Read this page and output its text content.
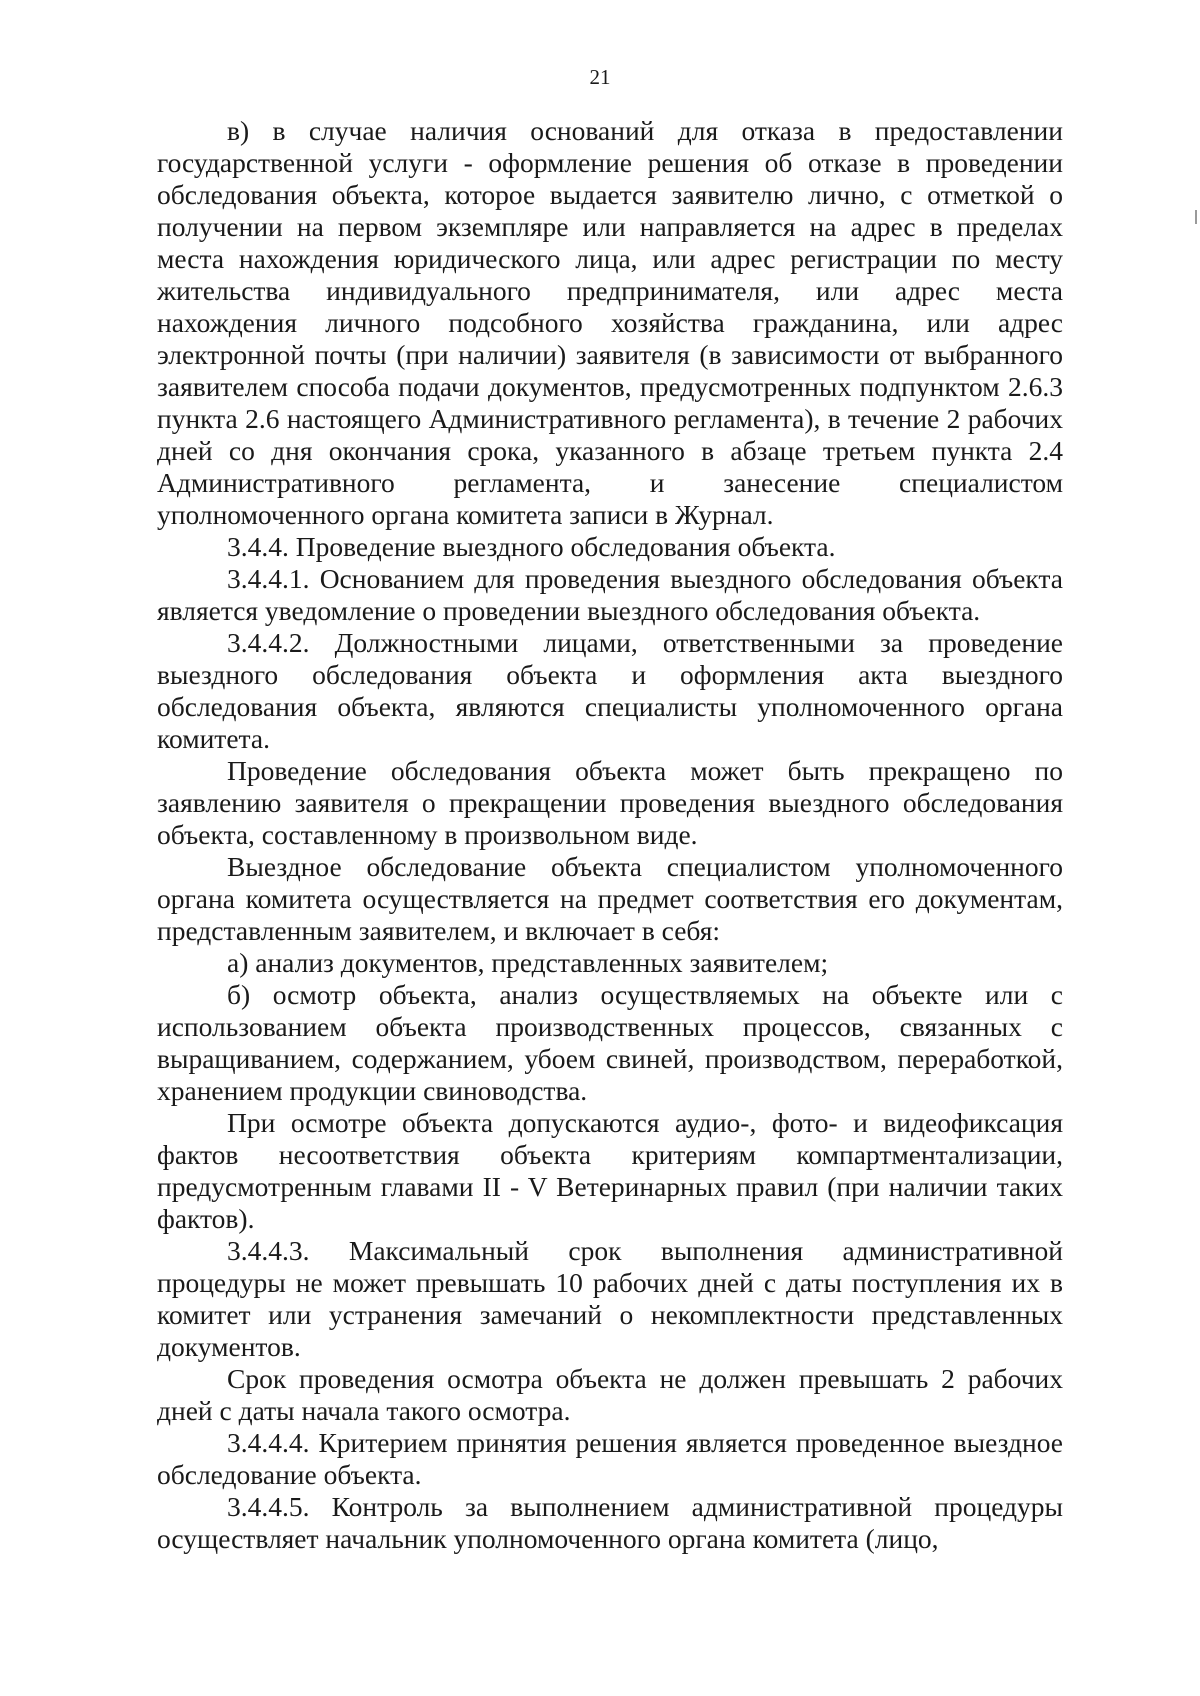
21

в) в случае наличия оснований для отказа в предоставлении государственной услуги - оформление решения об отказе в проведении обследования объекта, которое выдается заявителю лично, с отметкой о получении на первом экземпляре или направляется на адрес в пределах места нахождения юридического лица, или адрес регистрации по месту жительства индивидуального предпринимателя, или адрес места нахождения личного подсобного хозяйства гражданина, или адрес электронной почты (при наличии) заявителя (в зависимости от выбранного заявителем способа подачи документов, предусмотренных подпунктом 2.6.3 пункта 2.6 настоящего Административного регламента), в течение 2 рабочих дней со дня окончания срока, указанного в абзаце третьем пункта 2.4 Административного регламента, и занесение специалистом уполномоченного органа комитета записи в Журнал.

3.4.4. Проведение выездного обследования объекта.

3.4.4.1. Основанием для проведения выездного обследования объекта является уведомление о проведении выездного обследования объекта.

3.4.4.2. Должностными лицами, ответственными за проведение выездного обследования объекта и оформления акта выездного обследования объекта, являются специалисты уполномоченного органа комитета.

Проведение обследования объекта может быть прекращено по заявлению заявителя о прекращении проведения выездного обследования объекта, составленному в произвольном виде.

Выездное обследование объекта специалистом уполномоченного органа комитета осуществляется на предмет соответствия его документам, представленным заявителем, и включает в себя:

а) анализ документов, представленных заявителем;

б) осмотр объекта, анализ осуществляемых на объекте или с использованием объекта производственных процессов, связанных с выращиванием, содержанием, убоем свиней, производством, переработкой, хранением продукции свиноводства.

При осмотре объекта допускаются аудио-, фото- и видеофиксация фактов несоответствия объекта критериям компартментализации, предусмотренным главами II - V Ветеринарных правил (при наличии таких фактов).

3.4.4.3. Максимальный срок выполнения административной процедуры не может превышать 10 рабочих дней с даты поступления их в комитет или устранения замечаний о некомплектности представленных документов.

Срок проведения осмотра объекта не должен превышать 2 рабочих дней с даты начала такого осмотра.

3.4.4.4. Критерием принятия решения является проведенное выездное обследование объекта.

3.4.4.5. Контроль за выполнением административной процедуры осуществляет начальник уполномоченного органа комитета (лицо,
